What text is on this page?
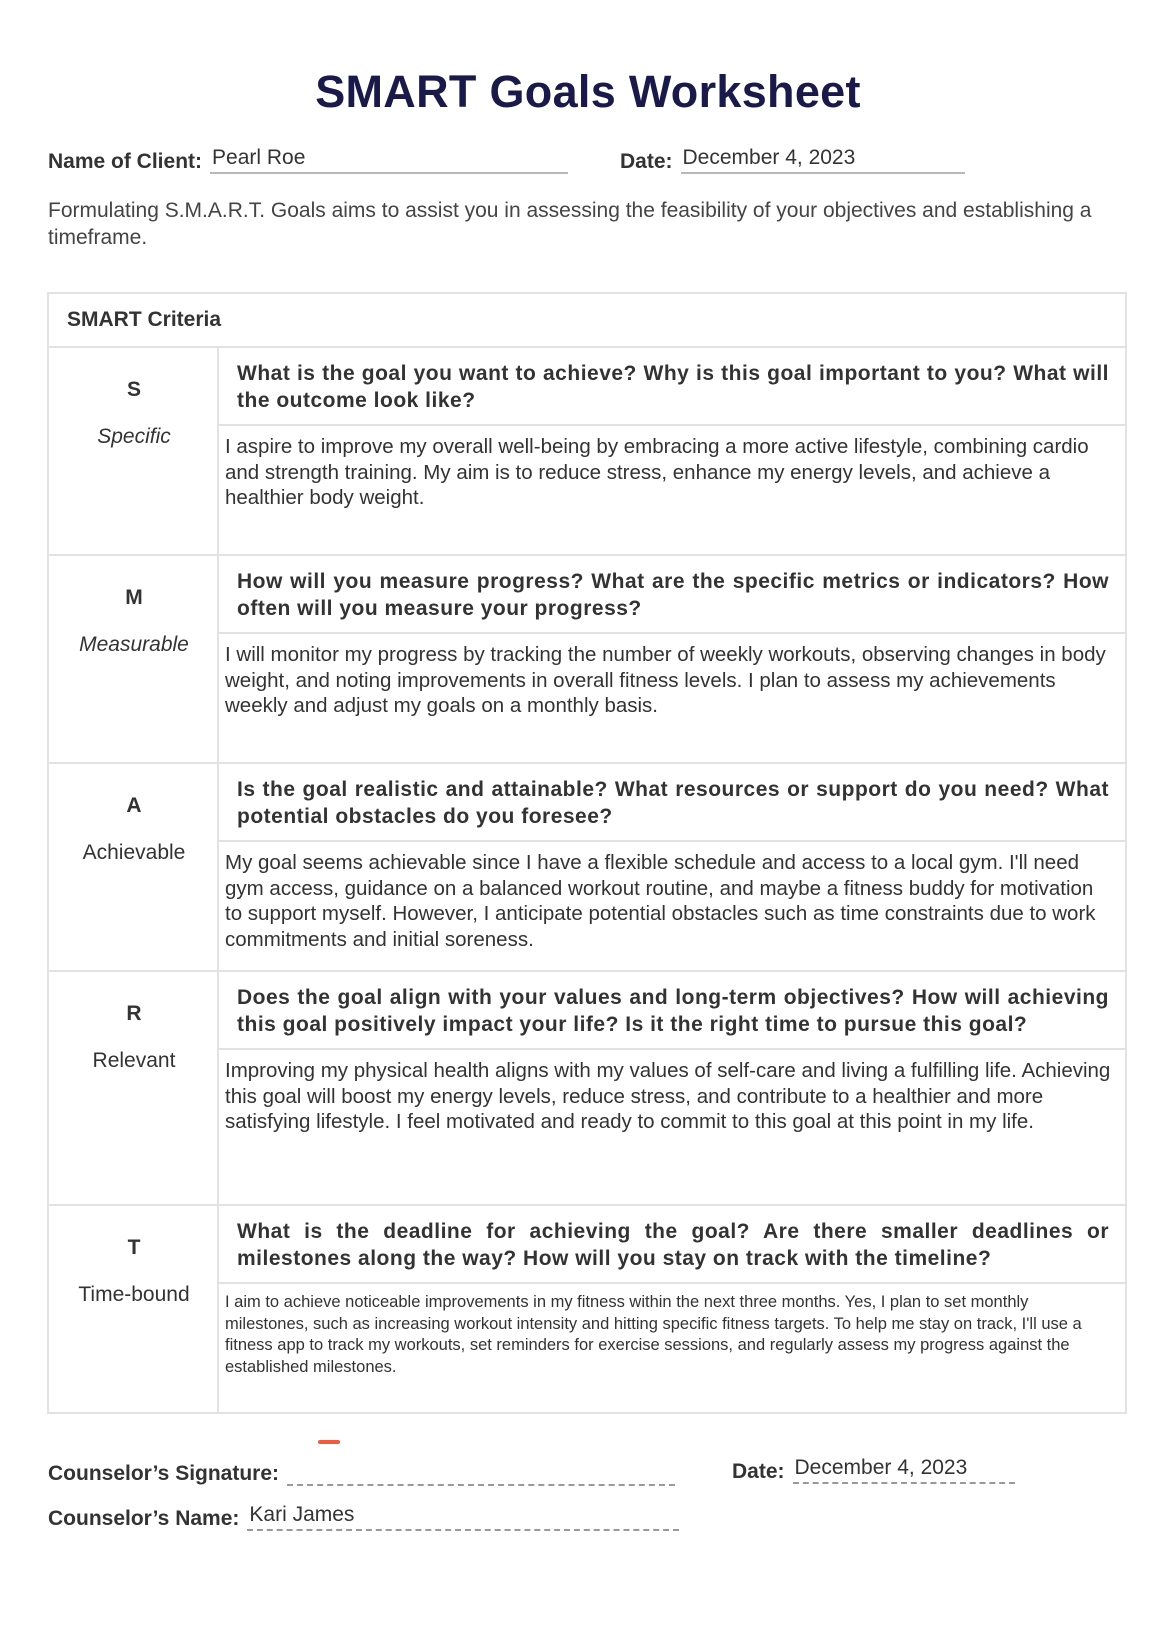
SMART Goals Worksheet
Name of Client: Pearl Roe	Date: December 4, 2023
Formulating S.M.A.R.T. Goals aims to assist you in assessing the feasibility of your objectives and establishing a timeframe.
SMART Criteria
S
Specific
What is the goal you want to achieve? Why is this goal important to you? What will the outcome look like?
I aspire to improve my overall well-being by embracing a more active lifestyle, combining cardio and strength training. My aim is to reduce stress, enhance my energy levels, and achieve a healthier body weight.
M
Measurable
How will you measure progress? What are the specific metrics or indicators? How often will you measure your progress?
I will monitor my progress by tracking the number of weekly workouts, observing changes in body weight, and noting improvements in overall fitness levels. I plan to assess my achievements weekly and adjust my goals on a monthly basis.
A
Achievable
Is the goal realistic and attainable? What resources or support do you need? What potential obstacles do you foresee?
My goal seems achievable since I have a flexible schedule and access to a local gym. I'll need gym access, guidance on a balanced workout routine, and maybe a fitness buddy for motivation to support myself. However, I anticipate potential obstacles such as time constraints due to work commitments and initial soreness.
R
Relevant
Does the goal align with your values and long-term objectives? How will achieving this goal positively impact your life? Is it the right time to pursue this goal?
Improving my physical health aligns with my values of self-care and living a fulfilling life. Achieving this goal will boost my energy levels, reduce stress, and contribute to a healthier and more satisfying lifestyle. I feel motivated and ready to commit to this goal at this point in my life.
T
Time-bound
What is the deadline for achieving the goal? Are there smaller deadlines or milestones along the way? How will you stay on track with the timeline?
I aim to achieve noticeable improvements in my fitness within the next three months. Yes, I plan to set monthly milestones, such as increasing workout intensity and hitting specific fitness targets. To help me stay on track, I'll use a fitness app to track my workouts, set reminders for exercise sessions, and regularly assess my progress against the established milestones.
Counselor’s Signature:	Date: December 4, 2023
Counselor’s Name: Kari James
